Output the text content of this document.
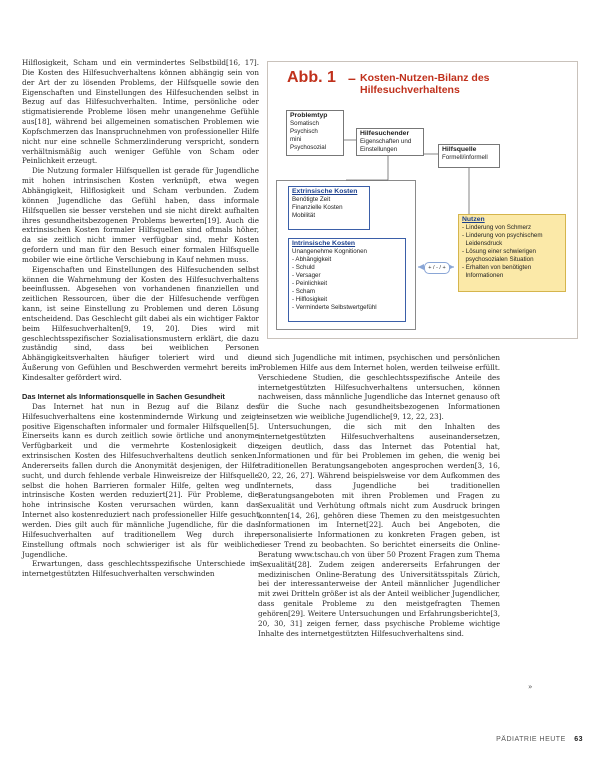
Hilflosigkeit, Scham und ein vermindertes Selbstbild[16, 17]. Die Kosten des Hilfesuchverhaltens können abhängig sein von der Art der zu lösenden Problems, der Hilfsquelle sowie den Eigenschaften und Einstellungen des Hilfesuchenden selbst in Bezug auf das Hilfesuchverhalten. Intime, persönliche oder stigmatisierende Probleme lösen mehr unangenehme Gefühle aus[18], während bei allgemeinen somatischen Problemen wie Kopfschmerzen das Inanspruchnehmen von professioneller Hilfe nicht nur eine schnelle Schmerzlinderung verspricht, sondern verhältnismäßig auch weniger Gefühle von Scham oder Peinlichkeit erzeugt.

Die Nutzung formaler Hilfsquellen ist gerade für Jugendliche mit hohen intrinsischen Kosten verknüpft, etwa wegen Abhängigkeit, Hilflosigkeit und Scham verbunden. Zudem können Jugendliche das Gefühl haben, dass informale Hilfsquellen sie besser verstehen und sie nicht direkt aufhalten ihres gesundheitsbezogenen Problems bewerten[19]. Auch die extrinsischen Kosten formaler Hilfsquellen sind oftmals höher, da sie zeitlich nicht immer verfügbar sind, mehr Kosten gefordern und man für den Besuch einer formalen Hilfsquelle mobiler wie eine örtliche Verschiebung in Kauf nehmen muss.

Eigenschaften und Einstellungen des Hilfesuchenden selbst können die Wahrnehmung der Kosten des Hilfesuchverhaltens beeinflussen. Abgesehen von vorhandenen finanziellen und zeitlichen Ressourcen, über die der Hilfesuchende verfügen kann, ist seine Einstellung zu Problemen und deren Lösung entscheidend. Das Geschlecht gilt dabei als ein wichtiger Faktor beim Hilfesuchverhalten[9, 19, 20]. Dies wird mit geschlechtsspezifischer Sozialisationsmustern erklärt, die dazu zuständig sind, dass bei weiblichen Personen Abhängigkeitsverhalten häufiger toleriert wird und die Äußerung von Gefühlen und Beschwerden vermehrt bereits im Kindesalter gefördert wird.

Das Internet als Informationsquelle in Sachen Gesundheit

Das Internet hat nun in Bezug auf die Bilanz des Hilfesuchverhaltens eine kostenmindernde Wirkung und zeigt positive Eigenschaften informaler und formaler Hilfsquellen[5]. Einerseits kann es durch zeitlich sowie örtliche und anonyme Verfügbarkeit und die vermehrte Kostenlosigkeit die extrinsischen Kosten des Hilfesuchverhaltens deutlich senken. Andererseits fallen durch die Anonymität desjenigen, der Hilfe sucht, und durch fehlende verbale Hinweisreize der Hilfsquelle selbst die hohen Barrieren formaler Hilfe, gelten weg und intrinsische Kosten werden reduziert[21]. Für Probleme, die hohe intrinsische Kosten verursachen würden, kann das Internet also kostenreduziert nach professioneller Hilfe gesucht werden. Dies gilt auch für männliche Jugendliche, für die das Hilfesuchverhalten auf traditionellem Weg durch ihre Einstellung oftmals noch schwieriger ist als für weibliche Jugendliche.

Erwartungen, dass geschlechtsspezifische Unterschiede im internetgestützten Hilfesuchverhalten verschwinden

und sich Jugendliche mit intimen, psychischen und persönlichen Problemen Hilfe aus dem Internet holen, werden teilweise erfüllt. Verschiedene Studien, die geschlechtsspezifische Anteile des internetgestützten Hilfesuchverhaltens untersuchen, können nachweisen, dass männliche Jugendliche das Internet genauso oft für die Suche nach gesundheitsbezogenen Informationen einsetzen wie weibliche Jugendliche[9, 12, 22, 23].

Untersuchungen, die sich mit den Inhalten des internetgestützten Hilfesuchverhaltens auseinandersetzen, zeigen deutlich, dass das Internet das Potential hat, Informationen und für bei Problemen im gehen, die wenig bei traditionellen Beratungsangeboten angesprochen werden[3, 16, 20, 22, 26, 27]. Während beispielsweise vor dem Aufkommen des Internets, dass Jugendliche bei traditionellen Beratungsangeboten mit ihren Problemen und Fragen zu Sexualität und Verhütung oftmals nicht zum Ausdruck bringen konnten[14, 26], gehören diese Themen zu den meistgesuchten Informationen im Internet[22]. Auch bei Angeboten, die personalisierte Informationen zu konkreten Fragen geben, ist dieser Trend zu beobachten. So berichtet einerseits die Online-Beratung www.tschau.ch von über 50 Prozent Fragen zum Thema Sexualität[28]. Zudem zeigen andererseits Erfahrungen der medizinischen Online-Beratung des Universitätsspitals Zürich, bei der interessanterweise der Anteil männlicher Jugendlicher mit zwei Dritteln größer ist als der Anteil weiblicher Jugendlicher, dass genitale Probleme zu den meistgefragten Themen gehören[29]. Weitere Untersuchungen und Erfahrungsberichte[3, 20, 30, 31] zeigen ferner, dass psychische Probleme wichtige Inhalte des internetgestützten Hilfesuchverhaltens sind.

Abb. 1 – Kosten-Nutzen-Bilanz des Hilfesuchverhaltens
Problemtyp
Somatisch
Psychisch
mini
Psychosozial
Hilfesuchender
Eigenschaften und
Einstellungen	Hilfsquelle
Formell/informell
Extrinsische Kosten
Benötigte Zeit
Finanzielle Kosten
Mobilität
Intrinsische Kosten
Unangenehme Kognitionen
- Abhängigkeit
- Schuld
- Versager
- Peinlichkeit
- Scham
- Hilflosigkeit
- Verminderte Selbstwertgefühl
Nutzen
- Linderung von Schmerz
- Linderung von psychischem
Leidensdruck
- Lösung einer schwierigen
psychosozialen Situation
- Erhalten von benötigten
Informationen
+ / - / +
»
PÄDIATRIE HEUTE 63
